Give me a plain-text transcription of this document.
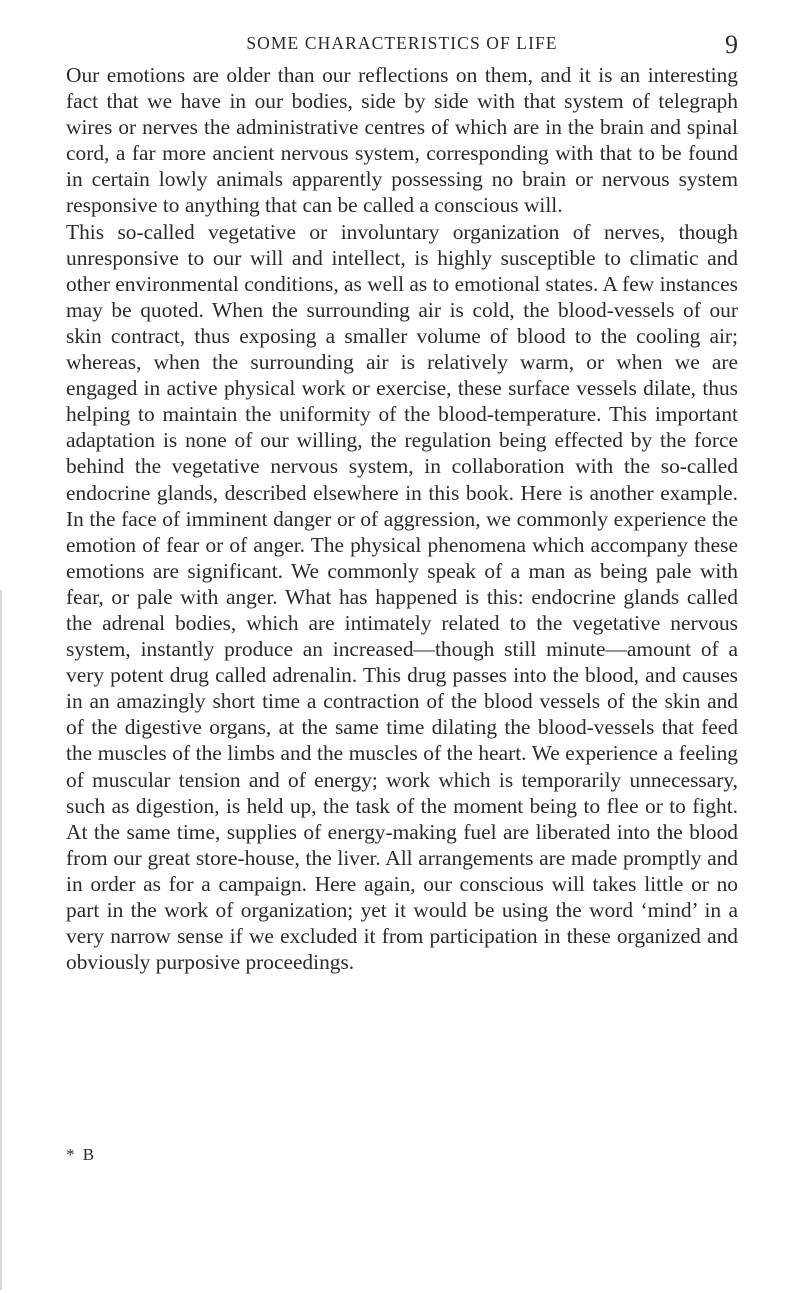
SOME CHARACTERISTICS OF LIFE	9

Our emotions are older than our reflections on them, and it is an interesting fact that we have in our bodies, side by side with that system of telegraph wires or nerves the administrative centres of which are in the brain and spinal cord, a far more ancient nervous system, corresponding with that to be found in certain lowly animals apparently possessing no brain or nervous system responsive to anything that can be called a conscious will.

This so-called vegetative or involuntary organization of nerves, though unresponsive to our will and intellect, is highly susceptible to climatic and other environmental conditions, as well as to emotional states. A few instances may be quoted. When the surrounding air is cold, the blood-vessels of our skin contract, thus exposing a smaller volume of blood to the cooling air; whereas, when the surrounding air is relatively warm, or when we are engaged in active physical work or exercise, these surface vessels dilate, thus helping to maintain the uniformity of the blood-temperature. This important adaptation is none of our willing, the regulation being effected by the force behind the vegetative nervous system, in collaboration with the so-called endocrine glands, described elsewhere in this book. Here is another example. In the face of imminent danger or of aggression, we commonly experience the emotion of fear or of anger. The physical phenomena which accompany these emotions are significant. We commonly speak of a man as being pale with fear, or pale with anger. What has happened is this: endocrine glands called the adrenal bodies, which are intimately related to the vegetative nervous system, instantly produce an increased—though still minute—amount of a very potent drug called adrenalin. This drug passes into the blood, and causes in an amazingly short time a contraction of the blood vessels of the skin and of the digestive organs, at the same time dilating the blood-vessels that feed the muscles of the limbs and the muscles of the heart. We experience a feeling of muscular tension and of energy; work which is temporarily unnecessary, such as digestion, is held up, the task of the moment being to flee or to fight. At the same time, supplies of energy-making fuel are liberated into the blood from our great store-house, the liver. All arrangements are made promptly and in order as for a campaign. Here again, our conscious will takes little or no part in the work of organization; yet it would be using the word ‘mind’ in a very narrow sense if we excluded it from participation in these organized and obviously purposive proceedings.

* B
